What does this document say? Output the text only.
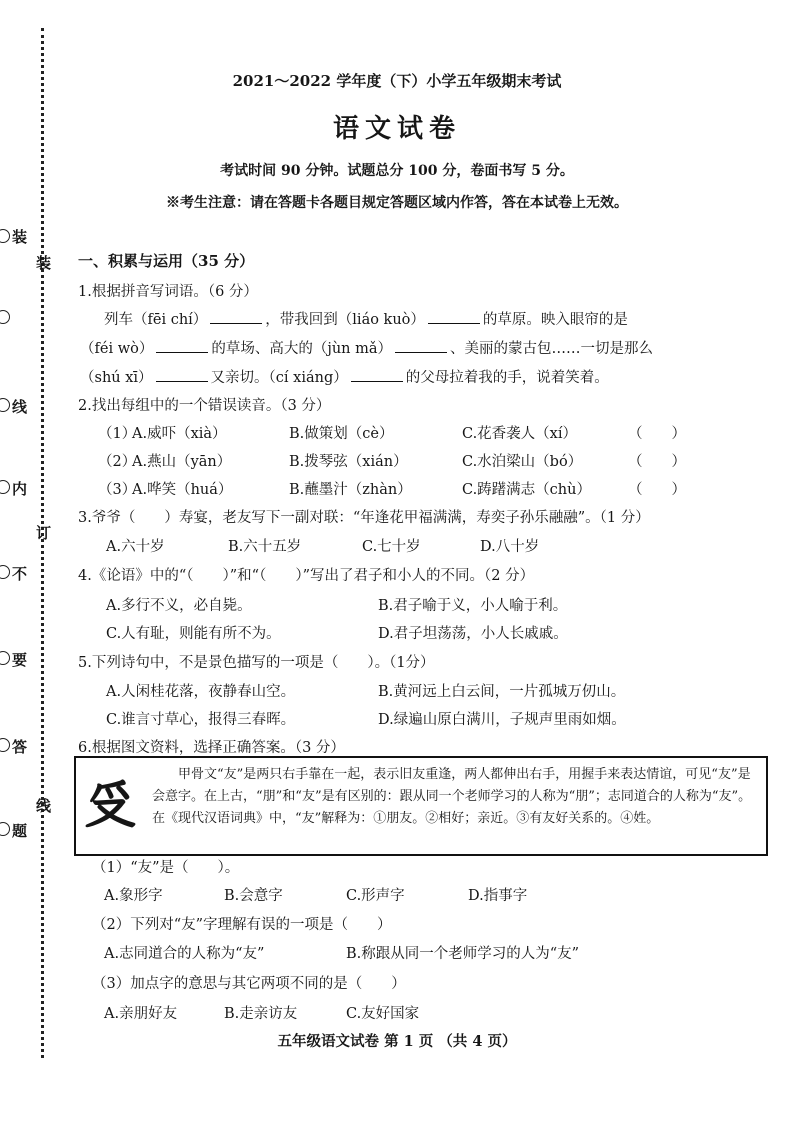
装
线
内
不
要
答
题
装
订
线
2021～2022 学年度（下）小学五年级期末考试
语文试卷
考试时间 90 分钟。试题总分 100 分，卷面书写 5 分。
※考生注意：请在答题卡各题目规定答题区域内作答，答在本试卷上无效。
一、积累与运用（35 分）
1.根据拼音写词语。（6 分）
列车（fēi chí）	，带我回到（liáo kuò）	的草原。映入眼帘的是
（féi wò）	的草场、高大的（jùn mǎ）	、美丽的蒙古包……一切是那么
（shú xī）	又亲切。（cí xiáng）	的父母拉着我的手，说着笑着。
2.找出每组中的一个错误读音。（3 分）
（1）
A.威吓（xià）	B.做策划（cè）	C.花香袭人（xí）	（　　）
（2）
A.燕山（yān）	B.拨琴弦（xián）	C.水泊梁山（bó）	（　　）
（3）
A.哗笑（huá）	B.蘸墨汁（zhàn）	C.踌躇满志（chù）	（　　）
3.爷爷（　　）寿宴，老友写下一副对联：“年逢花甲福满满，寿奕子孙乐融融”。（1 分）
A.六十岁	B.六十五岁	C.七十岁	D.八十岁
4.《论语》中的“（　　）”和“（　　）”写出了君子和小人的不同。（2 分）
A.多行不义，必自毙。	B.君子喻于义，小人喻于利。
C.人有耻，则能有所不为。	D.君子坦荡荡，小人长戚戚。
5.下列诗句中，不是景色描写的一项是（　　）。（1分）
A.人闲桂花落，夜静春山空。	B.黄河远上白云间，一片孤城万仞山。
C.谁言寸草心，报得三春晖。	D.绿遍山原白满川，子规声里雨如烟。
6.根据图文资料，选择正确答案。（3 分）
𠬪	甲骨文“友”是两只右手靠在一起，表示旧友重逢，两人都伸出右手，用握手来表达情谊，可见“友”是会意字。在上古，“朋”和“友”是有区别的：跟从同一个老师学习的人称为“朋”；志同道合的人称为“友”。在《现代汉语词典》中，“友”解释为：①朋友。②相好；亲近。③有友好关系的。④姓。
（1）“友”是（　　）。
A.象形字	B.会意字	C.形声字	D.指事字
（2）下列对“友”字理解有误的一项是（　　）
A.志同道合的人称为“友”	B.称跟从同一个老师学习的人为“友”
（3）加点字的意思与其它两项不同的是（　　）
A.亲朋好友	B.走亲访友	C.友好国家
五年级语文试卷 第 1 页 （共 4 页）
